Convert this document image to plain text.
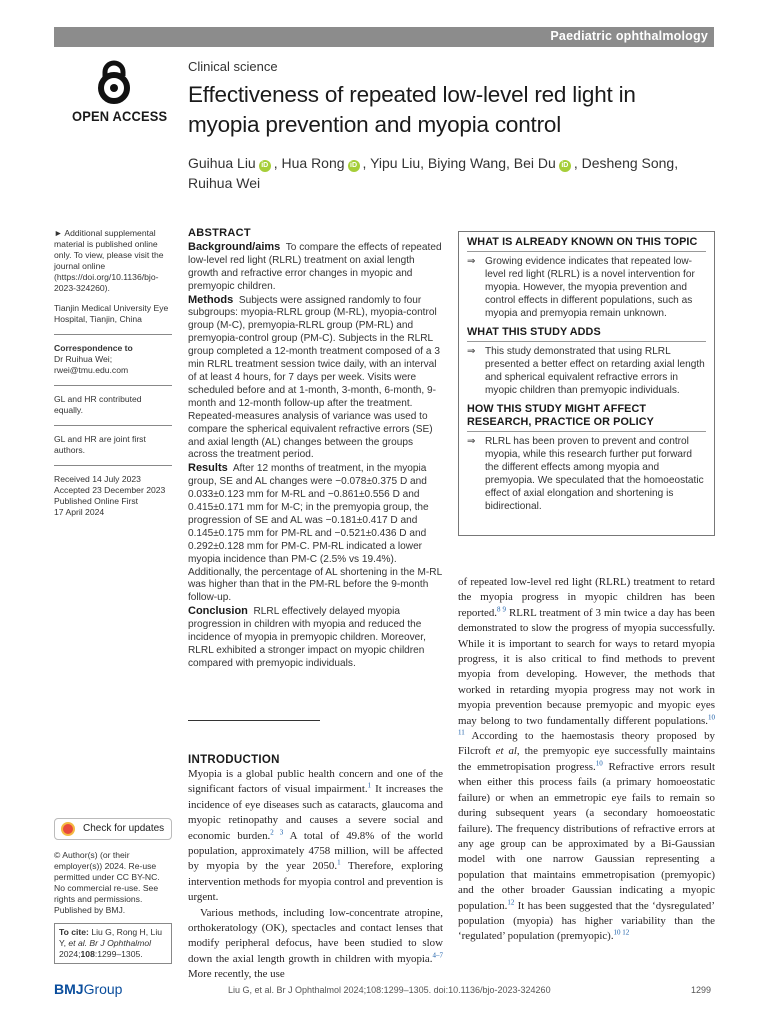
Paediatric ophthalmology
OPEN ACCESS
Clinical science
Effectiveness of repeated low-level red light in myopia prevention and myopia control
Guihua Liu iD , Hua Rong iD , Yipu Liu, Biying Wang, Bei Du iD , Desheng Song,
Ruihua Wei

► Additional supplemental material is published online only. To view, please visit the journal online (https://doi.org/10.1136/bjo-2023-324260).

Tianjin Medical University Eye Hospital, Tianjin, China

Correspondence to

Dr Ruihua Wei;

rwei@tmu.edu.com

GL and HR contributed equally.

GL and HR are joint first authors.

Received 14 July 2023

Accepted 23 December 2023

Published Online First

17 April 2024

Check for updates
© Author(s) (or their employer(s)) 2024. Re-use permitted under CC BY-NC. No commercial re-use. See rights and permissions. Published by BMJ.
To cite: Liu G, Rong H, Liu Y, et al. Br J Ophthalmol
2024;108:1299–1305.
ABSTRACT

Background/aims To compare the effects of repeated low-level red light (RLRL) treatment on axial length growth and refractive error changes in myopic and premyopic children.

Methods Subjects were assigned randomly to four subgroups: myopia-RLRL group (M-RL), myopia-control group (M-C), premyopia-RLRL group (PM-RL) and premyopia-control group (PM-C). Subjects in the RLRL group completed a 12-month treatment composed of a 3 min RLRL treatment session twice daily, with an interval of at least 4 hours, for 7 days per week. Visits were scheduled before and at 1-month, 3-month, 6-month, 9-month and 12-month follow-up after the treatment. Repeated-measures analysis of variance was used to compare the spherical equivalent refractive errors (SE) and axial length (AL) changes between the groups across the treatment period.

Results After 12 months of treatment, in the myopia group, SE and AL changes were −0.078±0.375 D and 0.033±0.123 mm for M-RL and −0.861±0.556 D and 0.415±0.171 mm for M-C; in the premyopia group, the progression of SE and AL was −0.181±0.417 D and 0.145±0.175 mm for PM-RL and −0.521±0.436 D and 0.292±0.128 mm for PM-C. PM-RL indicated a lower myopia incidence than PM-C (2.5% vs 19.4%). Additionally, the percentage of AL shortening in the M-RL was higher than that in the PM-RL before the 9-month follow-up.

Conclusion RLRL effectively delayed myopia progression in children with myopia and reduced the incidence of myopia in premyopic children. Moreover, RLRL exhibited a stronger impact on myopic children compared with premyopic individuals.

WHAT IS ALREADY KNOWN ON THIS TOPIC
⇒ Growing evidence indicates that repeated low-level red light (RLRL) is a novel intervention for myopia. However, the myopia prevention and control effects in different populations, such as myopia and premyopia remain unknown.
WHAT THIS STUDY ADDS
⇒ This study demonstrated that using RLRL presented a better effect on retarding axial length and spherical equivalent refractive errors in myopic children than premyopic individuals.
HOW THIS STUDY MIGHT AFFECT RESEARCH, PRACTICE OR POLICY
⇒ RLRL has been proven to prevent and control myopia, while this research further put forward the different effects among myopia and premyopia. We speculated that the homoeostatic effect of axial elongation and shortening is bidirectional.
INTRODUCTION

Myopia is a global public health concern and one of the significant factors of visual impairment.$^1$ It increases the incidence of eye diseases such as cataracts, glaucoma and myopic retinopathy and causes a severe social and economic burden.$^{2 3}$ A total of 49.8% of the world population, approximately 4758 million, will be affected by myopia by the year 2050.$^1$ Therefore, exploring intervention methods for myopia control and prevention is urgent.

Various methods, including low-concentrate atropine, orthokeratology (OK), spectacles and contact lenses that modify peripheral defocus, have been studied to slow down the axial length growth in children with myopia.$^{4-7}$ More recently, the use

of repeated low-level red light (RLRL) treatment to retard the myopia progress in myopic children has been reported.$^{8 9}$ RLRL treatment of 3 min twice a day has been demonstrated to slow the progress of myopia successfully. While it is important to search for ways to retard myopia progress, it is also critical to find methods to prevent myopia from developing. However, the methods that worked in retarding myopia progress may not work in myopia prevention because premyopic and myopic eyes may belong to two fundamentally different populations.$^{10 11}$ According to the haemostasis theory proposed by Filcroft et al, the premyopic eye successfully maintains the emmetropisation progress.$^{10}$ Refractive errors result when either this process fails (a primary homoeostatic failure) or when an emmetropic eye fails to remain so during subsequent years (a secondary homoeostatic failure). The frequency distributions of refractive errors at any age group can be approximated by a Bi-Gaussian model with one narrow Gaussian representing a population that maintains emmetropisation (premyopic) and the other broader Gaussian indicating a myopic population.$^{12}$ It has been suggested that the ‘dysregulated’ population (myopia) has higher variability than the ‘regulated’ population (premyopic).$^{10 12}$

BMJGroup	Liu G, et al. Br J Ophthalmol 2024;108:1299–1305. doi:10.1136/bjo-2023-324260	1299
